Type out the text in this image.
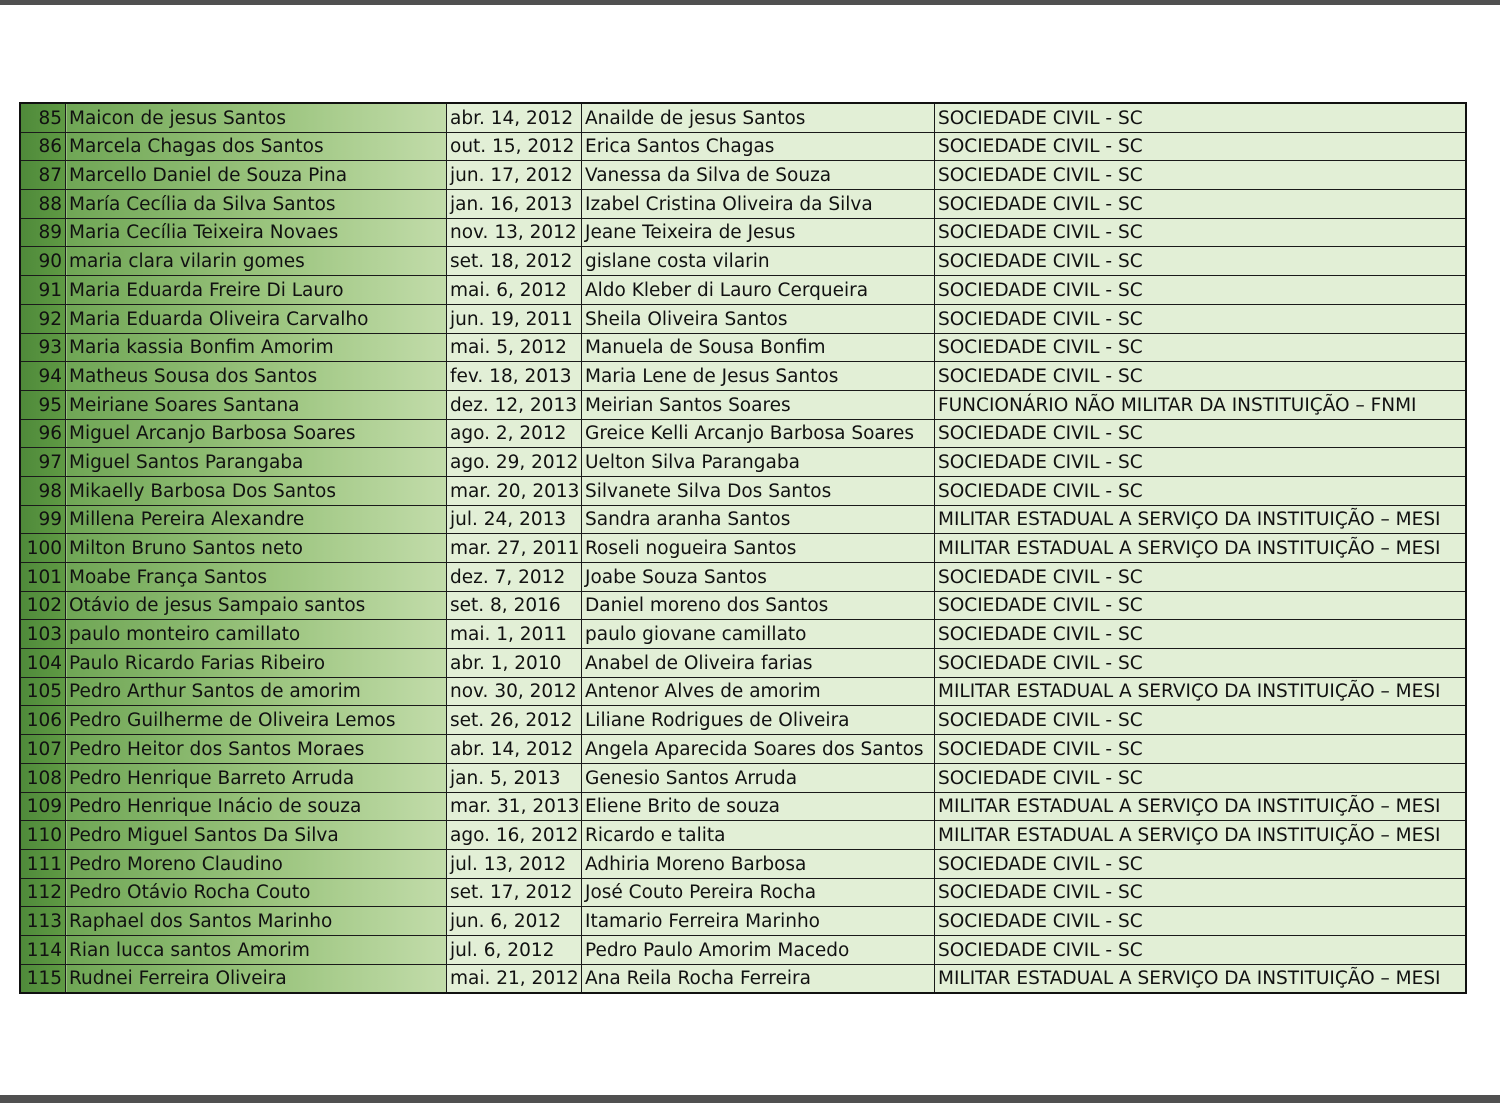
85	Maicon de jesus Santos	abr. 14, 2012	Anailde de jesus Santos	SOCIEDADE CIVIL - SC
86	Marcela Chagas dos Santos	out. 15, 2012	Erica Santos Chagas	SOCIEDADE CIVIL - SC
87	Marcello Daniel de Souza Pina	jun. 17, 2012	Vanessa da Silva de Souza	SOCIEDADE CIVIL - SC
88	María Cecília da Silva Santos	jan. 16, 2013	Izabel Cristina Oliveira da Silva	SOCIEDADE CIVIL - SC
89	Maria Cecília Teixeira Novaes	nov. 13, 2012	Jeane Teixeira de Jesus	SOCIEDADE CIVIL - SC
90	maria clara vilarin gomes	set. 18, 2012	gislane costa vilarin	SOCIEDADE CIVIL - SC
91	Maria Eduarda Freire Di Lauro	mai. 6, 2012	Aldo Kleber di Lauro Cerqueira	SOCIEDADE CIVIL - SC
92	Maria Eduarda Oliveira Carvalho	jun. 19, 2011	Sheila Oliveira Santos	SOCIEDADE CIVIL - SC
93	Maria kassia Bonfim Amorim	mai. 5, 2012	Manuela de Sousa Bonfim	SOCIEDADE CIVIL - SC
94	Matheus Sousa dos Santos	fev. 18, 2013	Maria Lene de Jesus Santos	SOCIEDADE CIVIL - SC
95	Meiriane Soares Santana	dez. 12, 2013	Meirian Santos Soares	FUNCIONÁRIO NÃO MILITAR DA INSTITUIÇÃO – FNMI
96	Miguel Arcanjo Barbosa Soares	ago. 2, 2012	Greice Kelli Arcanjo Barbosa Soares	SOCIEDADE CIVIL - SC
97	Miguel Santos Parangaba	ago. 29, 2012	Uelton Silva Parangaba	SOCIEDADE CIVIL - SC
98	Mikaelly Barbosa Dos Santos	mar. 20, 2013	Silvanete Silva Dos Santos	SOCIEDADE CIVIL - SC
99	Millena Pereira Alexandre	jul. 24, 2013	Sandra aranha Santos	MILITAR ESTADUAL A SERVIÇO DA INSTITUIÇÃO – MESI
100	Milton Bruno Santos neto	mar. 27, 2011	Roseli nogueira Santos	MILITAR ESTADUAL A SERVIÇO DA INSTITUIÇÃO – MESI
101	Moabe França Santos	dez. 7, 2012	Joabe Souza Santos	SOCIEDADE CIVIL - SC
102	Otávio de jesus Sampaio santos	set. 8, 2016	Daniel moreno dos Santos	SOCIEDADE CIVIL - SC
103	paulo monteiro camillato	mai. 1, 2011	paulo giovane camillato	SOCIEDADE CIVIL - SC
104	Paulo Ricardo Farias Ribeiro	abr. 1, 2010	Anabel de Oliveira farias	SOCIEDADE CIVIL - SC
105	Pedro Arthur Santos de amorim	nov. 30, 2012	Antenor Alves de amorim	MILITAR ESTADUAL A SERVIÇO DA INSTITUIÇÃO – MESI
106	Pedro Guilherme de Oliveira Lemos	set. 26, 2012	Liliane Rodrigues de Oliveira	SOCIEDADE CIVIL - SC
107	Pedro Heitor dos Santos Moraes	abr. 14, 2012	Angela Aparecida Soares dos Santos	SOCIEDADE CIVIL - SC
108	Pedro Henrique Barreto Arruda	jan. 5, 2013	Genesio Santos Arruda	SOCIEDADE CIVIL - SC
109	Pedro Henrique Inácio de souza	mar. 31, 2013	Eliene Brito de souza	MILITAR ESTADUAL A SERVIÇO DA INSTITUIÇÃO – MESI
110	Pedro Miguel Santos Da Silva	ago. 16, 2012	Ricardo e talita	MILITAR ESTADUAL A SERVIÇO DA INSTITUIÇÃO – MESI
111	Pedro Moreno Claudino	jul. 13, 2012	Adhiria Moreno Barbosa	SOCIEDADE CIVIL - SC
112	Pedro Otávio Rocha Couto	set. 17, 2012	José Couto Pereira Rocha	SOCIEDADE CIVIL - SC
113	Raphael dos Santos Marinho	jun. 6, 2012	Itamario Ferreira Marinho	SOCIEDADE CIVIL - SC
114	Rian lucca santos Amorim	jul. 6, 2012	Pedro Paulo Amorim Macedo	SOCIEDADE CIVIL - SC
115	Rudnei Ferreira Oliveira	mai. 21, 2012	Ana Reila Rocha Ferreira	MILITAR ESTADUAL A SERVIÇO DA INSTITUIÇÃO – MESI
